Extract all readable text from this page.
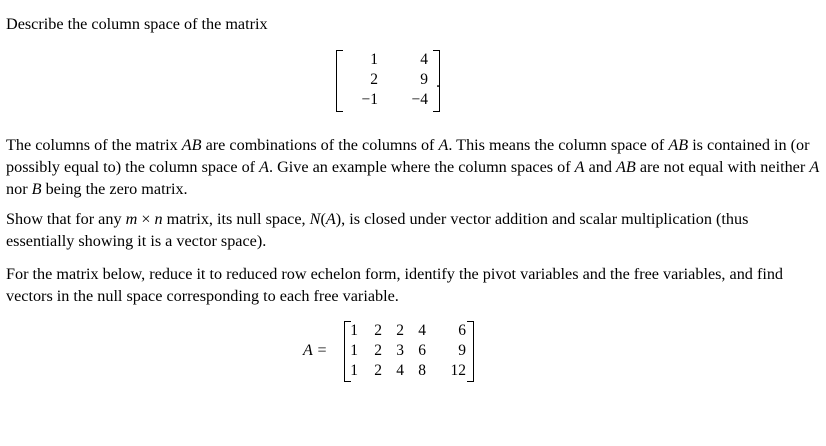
Describe the column space of the matrix

1	4
2	9
−1	−4
.

The columns of the matrix AB are combinations of the columns of A. This means the column space of AB is contained in (or possibly equal to) the column space of A. Give an example where the column spaces of A and AB are not equal with neither A nor B being the zero matrix.

Show that for any m × n matrix, its null space, N(A), is closed under vector addition and scalar multiplication (thus essentially showing it is a vector space).

For the matrix below, reduce it to reduced row echelon form, identify the pivot variables and the free variables, and find vectors in the null space corresponding to each free variable.

A =
1	2 2 4	6
1	2 3 6	9
1	2 4 8	12
